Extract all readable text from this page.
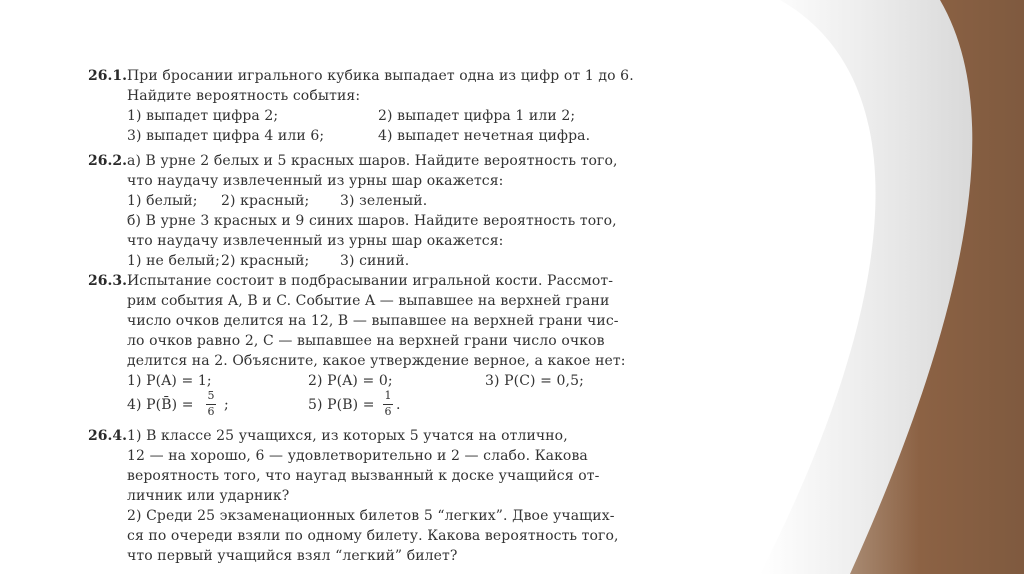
26.1. При бросании игрального кубика выпадает одна из цифр от 1 до 6.
Найдите вероятность события:
1) выпадет цифра 2;	2) выпадет цифра 1 или 2;
3) выпадет цифра 4 или 6;	4) выпадет нечетная цифра.
26.2. а) В урне 2 белых и 5 красных шаров. Найдите вероятность того,
что наудачу извлеченный из урны шар окажется:
1) белый; 2) красный; 3) зеленый.
б) В урне 3 красных и 9 синих шаров. Найдите вероятность того,
что наудачу извлеченный из урны шар окажется:
1) не белый; 2) красный; 3) синий.
26.3. Испытание состоит в подбрасывании игральной кости. Рассмот-
рим события A, B и C. Событие A — выпавшее на верхней грани
число очков делится на 12, B — выпавшее на верхней грани чис-
ло очков равно 2, C — выпавшее на верхней грани число очков
делится на 2. Объясните, какое утверждение верное, а какое нет:
1) P(A) = 1;	2) P(A) = 0;	3) P(C) = 0,5;
4) P(B̄) =
5
6 ;	5) P(B) =
1
6 .
26.4. 1) В классе 25 учащихся, из которых 5 учатся на отлично,
12 — на хорошо, 6 — удовлетворительно и 2 — слабо. Какова
вероятность того, что наугад вызванный к доске учащийся от-
личник или ударник?
2) Среди 25 экзаменационных билетов 5 “легких”. Двое учащих-
ся по очереди взяли по одному билету. Какова вероятность того,
что первый учащийся взял “легкий” билет?
